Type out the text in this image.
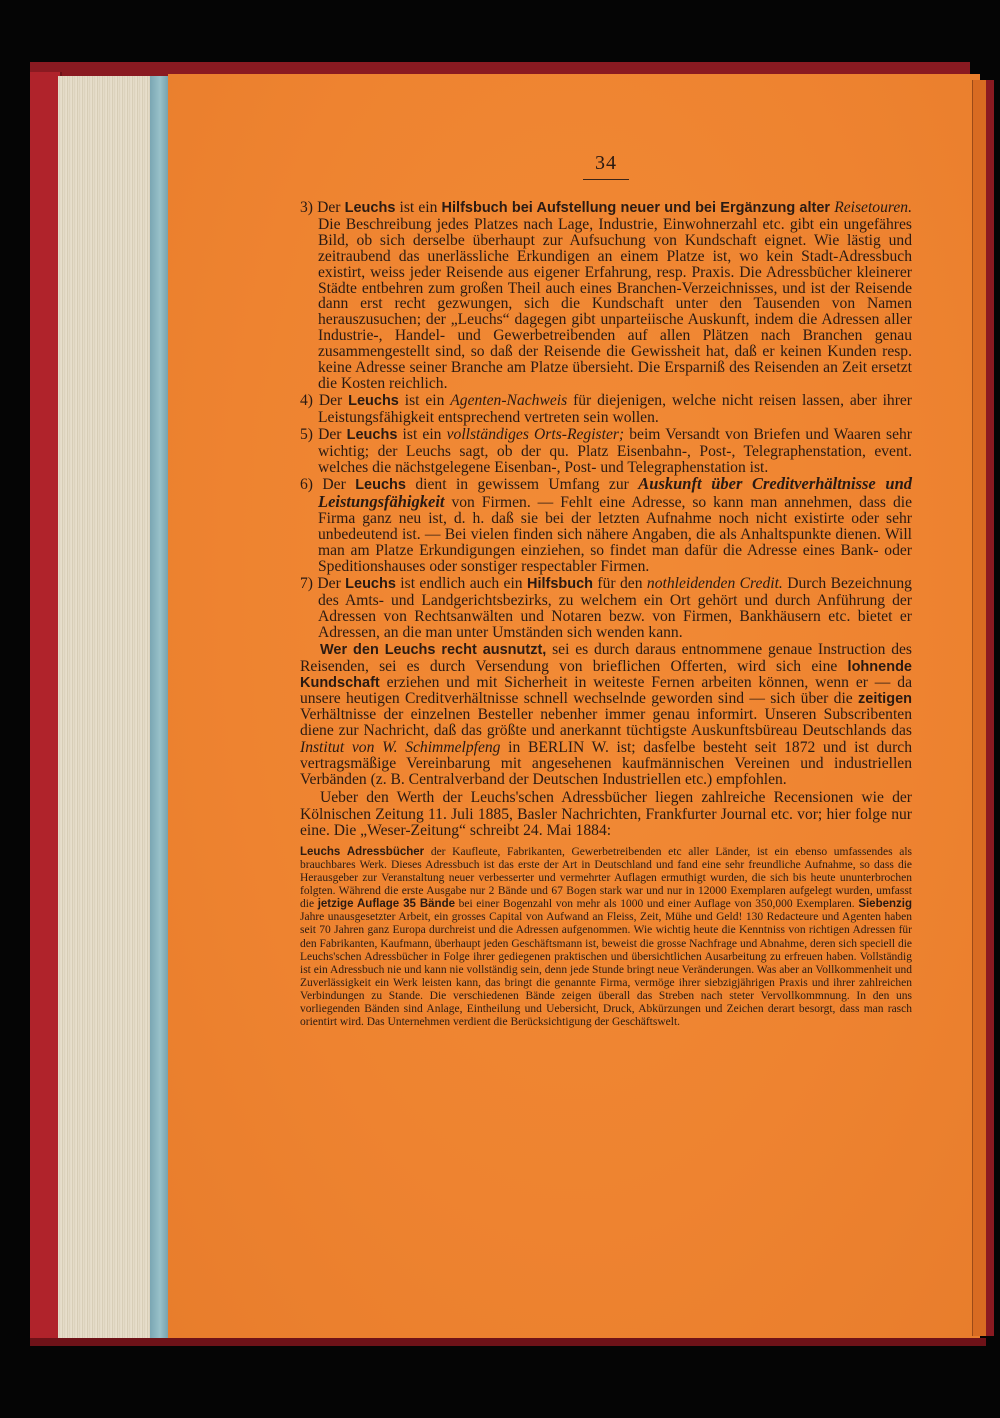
34

3) Der Leuchs ist ein Hilfsbuch bei Aufstellung neuer und bei Ergänzung alter Reisetouren. Die Beschreibung jedes Platzes nach Lage, Industrie, Einwohnerzahl etc. gibt ein ungefähres Bild, ob sich derselbe überhaupt zur Aufsuchung von Kundschaft eignet. Wie lästig und zeitraubend das unerlässliche Erkundigen an einem Platze ist, wo kein Stadt-Adressbuch existirt, weiss jeder Reisende aus eigener Erfahrung, resp. Praxis. Die Adressbücher kleinerer Städte entbehren zum großen Theil auch eines Branchen-Verzeichnisses, und ist der Reisende dann erst recht gezwungen, sich die Kundschaft unter den Tausenden von Namen herauszusuchen; der „Leuchs“ dagegen gibt unparteiische Auskunft, indem die Adressen aller Industrie-, Handel- und Gewerbetreibenden auf allen Plätzen nach Branchen genau zusammengestellt sind, so daß der Reisende die Gewissheit hat, daß er keinen Kunden resp. keine Adresse seiner Branche am Platze übersieht. Die Ersparniß des Reisenden an Zeit ersetzt die Kosten reichlich.

4) Der Leuchs ist ein Agenten-Nachweis für diejenigen, welche nicht reisen lassen, aber ihrer Leistungsfähigkeit entsprechend vertreten sein wollen.

5) Der Leuchs ist ein vollständiges Orts-Register; beim Versandt von Briefen und Waaren sehr wichtig; der Leuchs sagt, ob der qu. Platz Eisenbahn-, Post-, Telegraphenstation, event. welches die nächstgelegene Eisenban-, Post- und Telegraphenstation ist.

6) Der Leuchs dient in gewissem Umfang zur Auskunft über Creditverhältnisse und Leistungsfähigkeit von Firmen. — Fehlt eine Adresse, so kann man annehmen, dass die Firma ganz neu ist, d. h. daß sie bei der letzten Aufnahme noch nicht existirte oder sehr unbedeutend ist. — Bei vielen finden sich nähere Angaben, die als Anhaltspunkte dienen. Will man am Platze Erkundigungen einziehen, so findet man dafür die Adresse eines Bank- oder Speditionshauses oder sonstiger respectabler Firmen.

7) Der Leuchs ist endlich auch ein Hilfsbuch für den nothleidenden Credit. Durch Bezeichnung des Amts- und Landgerichtsbezirks, zu welchem ein Ort gehört und durch Anführung der Adressen von Rechtsanwälten und Notaren bezw. von Firmen, Bankhäusern etc. bietet er Adressen, an die man unter Umständen sich wenden kann.

Wer den Leuchs recht ausnutzt, sei es durch daraus entnommene genaue Instruction des Reisenden, sei es durch Versendung von brieflichen Offerten, wird sich eine lohnende Kundschaft erziehen und mit Sicherheit in weiteste Fernen arbeiten können, wenn er — da unsere heutigen Creditverhältnisse schnell wechselnde geworden sind — sich über die zeitigen Verhältnisse der einzelnen Besteller nebenher immer genau informirt. Unseren Subscribenten diene zur Nachricht, daß das größte und anerkannt tüchtigste Auskunftsbüreau Deutschlands das Institut von W. Schimmelpfeng in BERLIN W. ist; dasfelbe besteht seit 1872 und ist durch vertragsmäßige Vereinbarung mit angesehenen kaufmännischen Vereinen und industriellen Verbänden (z. B. Centralverband der Deutschen Industriellen etc.) empfohlen.

Ueber den Werth der Leuchs'schen Adressbücher liegen zahlreiche Recensionen wie der Kölnischen Zeitung 11. Juli 1885, Basler Nachrichten, Frankfurter Journal etc. vor; hier folge nur eine. Die „Weser-Zeitung“ schreibt 24. Mai 1884:

Leuchs Adressbücher der Kaufleute, Fabrikanten, Gewerbetreibenden etc aller Länder, ist ein ebenso umfassendes als brauchbares Werk. Dieses Adressbuch ist das erste der Art in Deutschland und fand eine sehr freundliche Aufnahme, so dass die Herausgeber zur Veranstaltung neuer verbesserter und vermehrter Auflagen ermuthigt wurden, die sich bis heute ununterbrochen folgten. Während die erste Ausgabe nur 2 Bände und 67 Bogen stark war und nur in 12000 Exemplaren aufgelegt wurden, umfasst die jetzige Auflage 35 Bände bei einer Bogenzahl von mehr als 1000 und einer Auflage von 350,000 Exemplaren. Siebenzig Jahre unausgesetzter Arbeit, ein grosses Capital von Aufwand an Fleiss, Zeit, Mühe und Geld! 130 Redacteure und Agenten haben seit 70 Jahren ganz Europa durchreist und die Adressen aufgenommen. Wie wichtig heute die Kenntniss von richtigen Adressen für den Fabrikanten, Kaufmann, überhaupt jeden Geschäftsmann ist, beweist die grosse Nachfrage und Abnahme, deren sich speciell die Leuchs'schen Adressbücher in Folge ihrer gediegenen praktischen und übersichtlichen Ausarbeitung zu erfreuen haben. Vollständig ist ein Adressbuch nie und kann nie vollständig sein, denn jede Stunde bringt neue Veränderungen. Was aber an Vollkommenheit und Zuverlässigkeit ein Werk leisten kann, das bringt die genannte Firma, vermöge ihrer siebzigjährigen Praxis und ihrer zahlreichen Verbindungen zu Stande. Die verschiedenen Bände zeigen überall das Streben nach steter Vervollkommnung. In den uns vorliegenden Bänden sind Anlage, Eintheilung und Uebersicht, Druck, Abkürzungen und Zeichen derart besorgt, dass man rasch orientirt wird. Das Unternehmen verdient die Berücksichtigung der Geschäftswelt.
